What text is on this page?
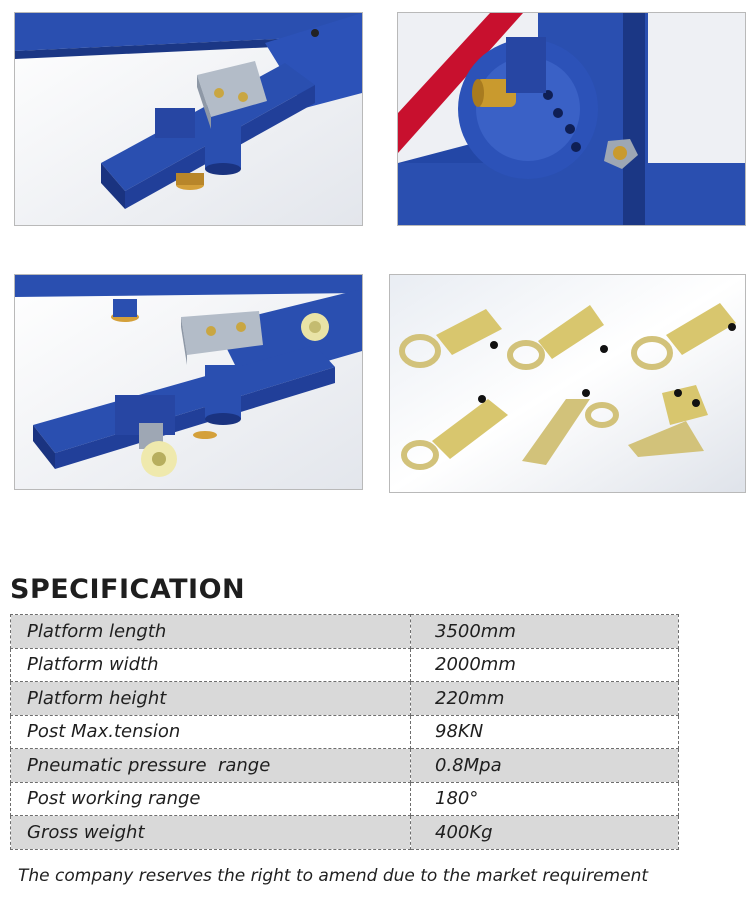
SPECIFICATION
Platform length	3500mm
Platform width	2000mm
Platform height	220mm
Post Max.tension	98KN
Pneumatic pressure  range	0.8Mpa
Post working range	180°
Gross weight	400Kg

The company reserves the right to amend due to the market requirement
